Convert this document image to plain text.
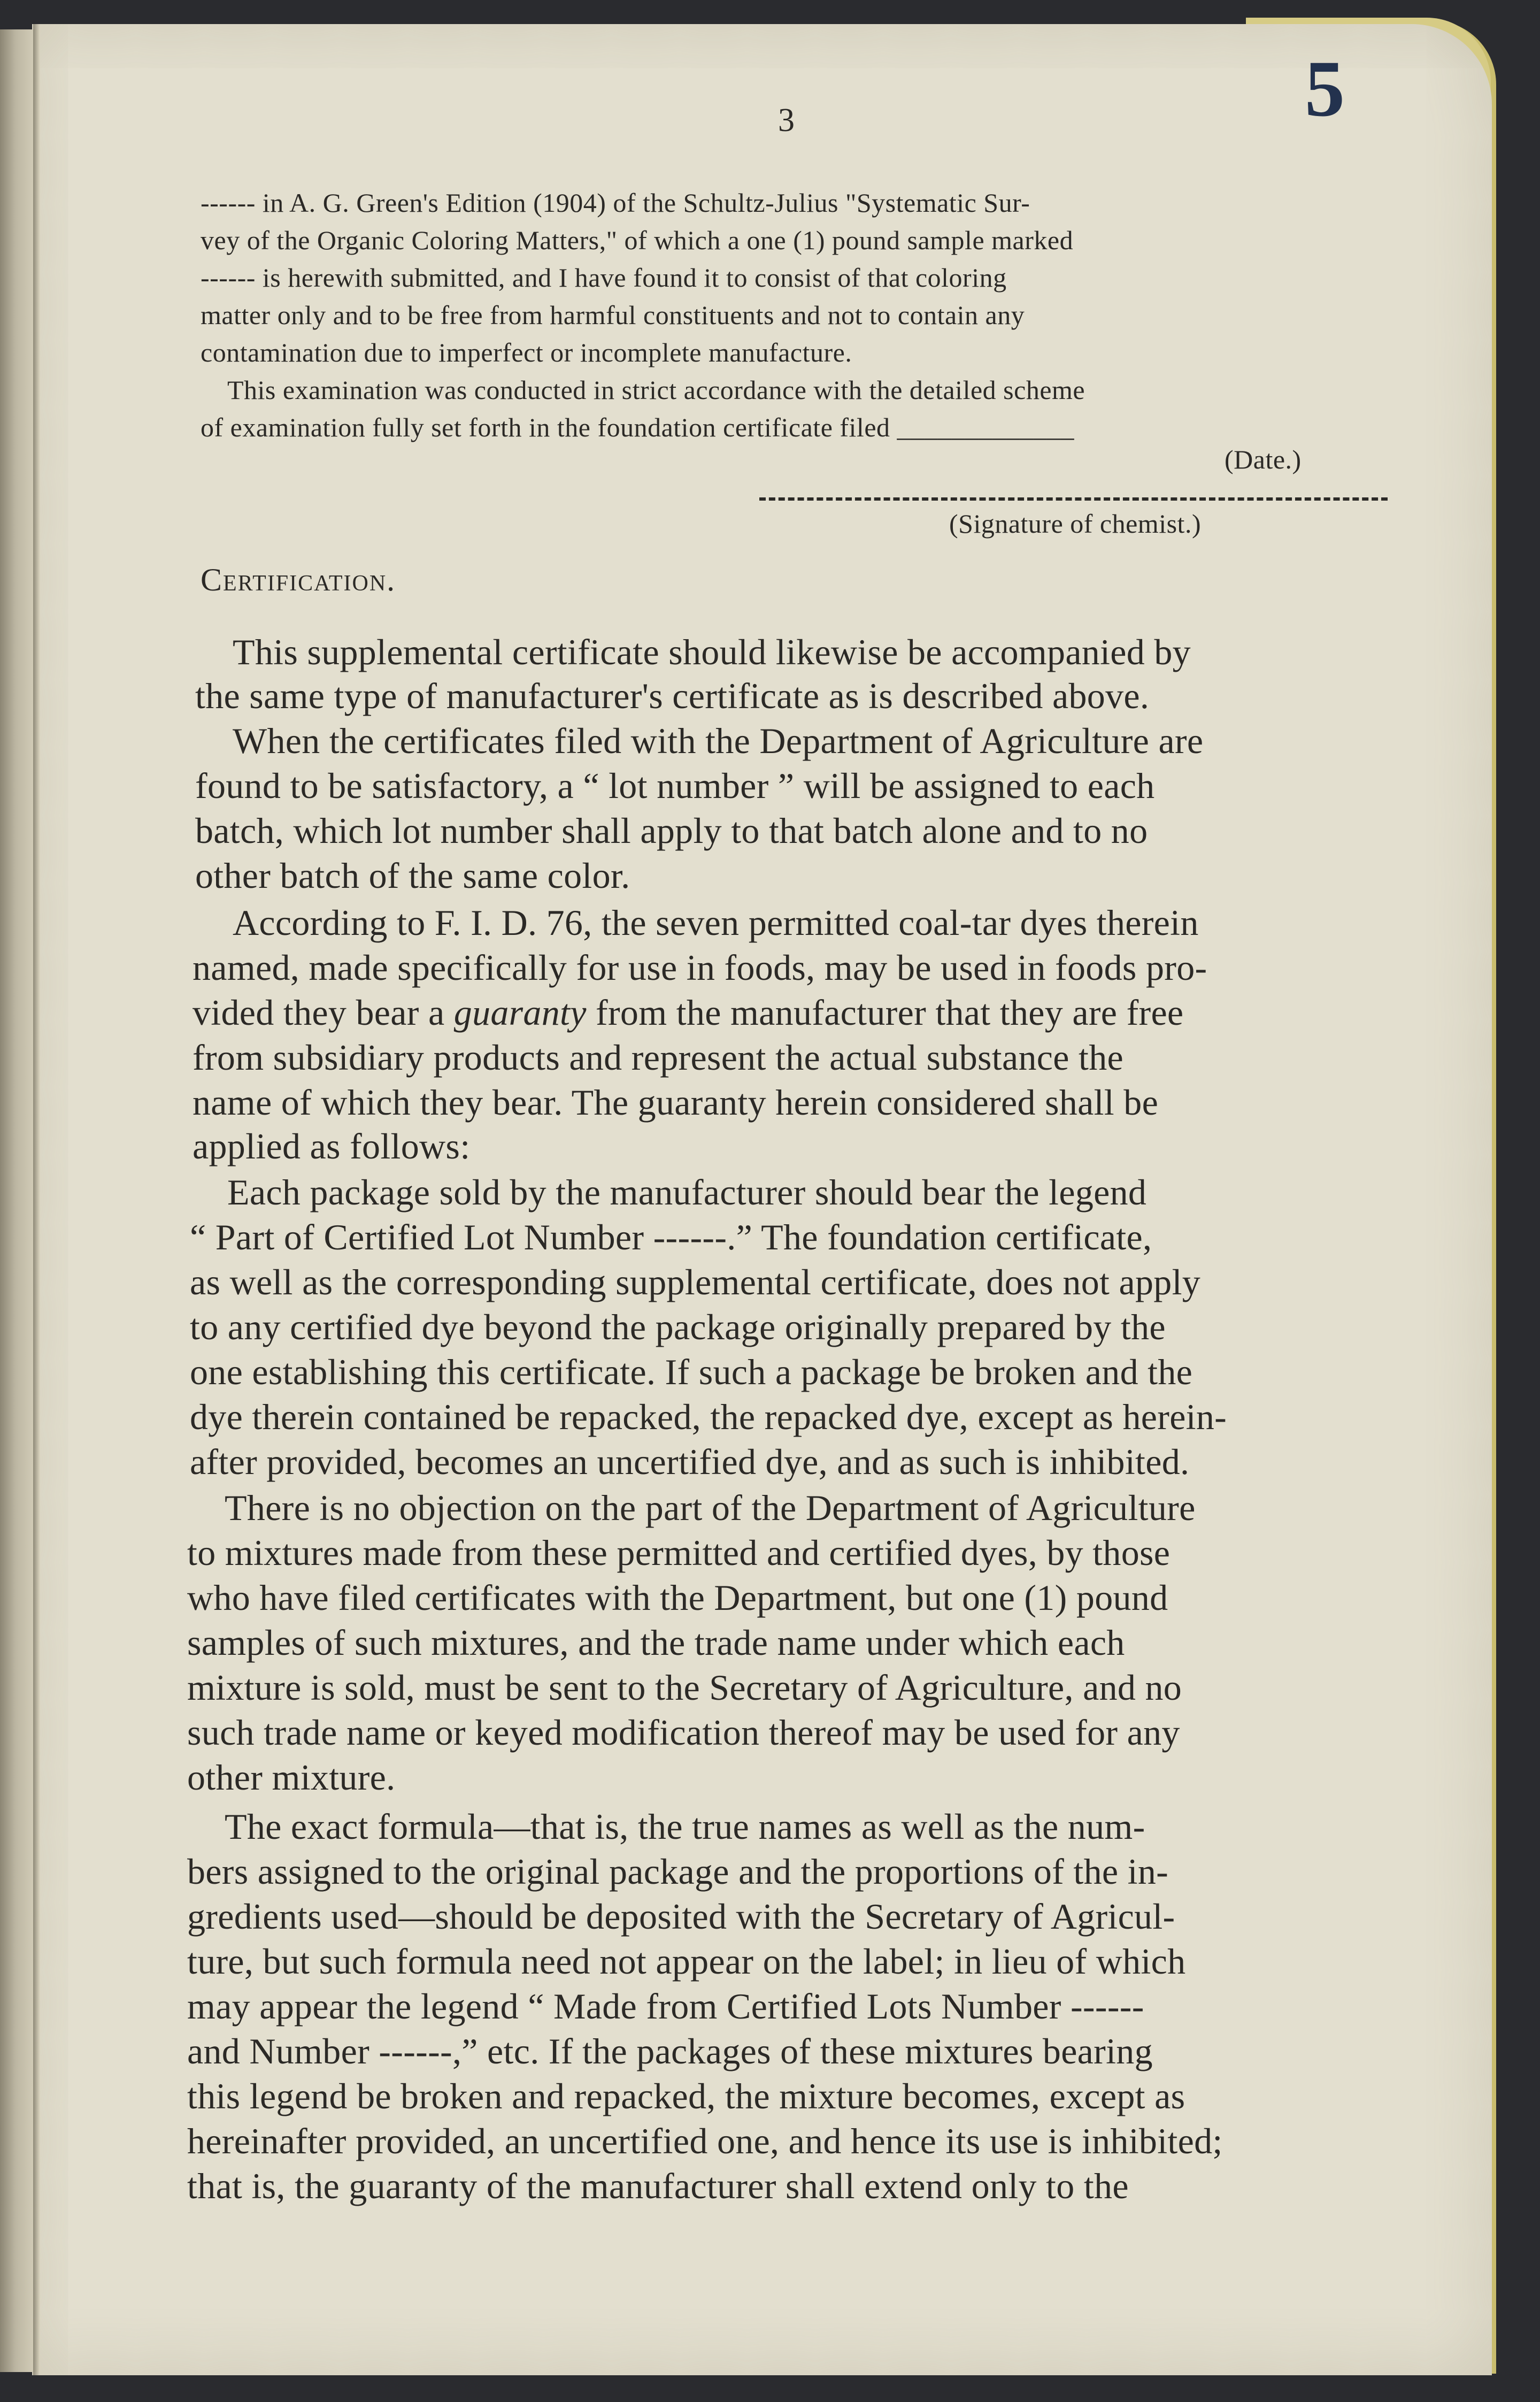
5
3
------ in A. G. Green's Edition (1904) of the Schultz-Julius "Systematic Sur-
vey of the Organic Coloring Matters," of which a one (1) pound sample marked
------ is herewith submitted, and I have found it to consist of that coloring
matter only and to be free from harmful constituents and not to contain any
contamination due to imperfect or incomplete manufacture.
This examination was conducted in strict accordance with the detailed scheme
of examination fully set forth in the foundation certificate filed _____________
(Date.)
(Signature of chemist.)
Certification.
This supplemental certificate should likewise be accompanied by
the same type of manufacturer's certificate as is described above.
When the certificates filed with the Department of Agriculture are
found to be satisfactory, a “ lot number ” will be assigned to each
batch, which lot number shall apply to that batch alone and to no
other batch of the same color.
According to F. I. D. 76, the seven permitted coal-tar dyes therein
named, made specifically for use in foods, may be used in foods pro-
vided they bear a guaranty from the manufacturer that they are free
from subsidiary products and represent the actual substance the
name of which they bear. The guaranty herein considered shall be
applied as follows:
Each package sold by the manufacturer should bear the legend
“ Part of Certified Lot Number ------.” The foundation certificate,
as well as the corresponding supplemental certificate, does not apply
to any certified dye beyond the package originally prepared by the
one establishing this certificate. If such a package be broken and the
dye therein contained be repacked, the repacked dye, except as herein-
after provided, becomes an uncertified dye, and as such is inhibited.
There is no objection on the part of the Department of Agriculture
to mixtures made from these permitted and certified dyes, by those
who have filed certificates with the Department, but one (1) pound
samples of such mixtures, and the trade name under which each
mixture is sold, must be sent to the Secretary of Agriculture, and no
such trade name or keyed modification thereof may be used for any
other mixture.
The exact formula—that is, the true names as well as the num-
bers assigned to the original package and the proportions of the in-
gredients used—should be deposited with the Secretary of Agricul-
ture, but such formula need not appear on the label; in lieu of which
may appear the legend “ Made from Certified Lots Number ------
and Number ------,” etc. If the packages of these mixtures bearing
this legend be broken and repacked, the mixture becomes, except as
hereinafter provided, an uncertified one, and hence its use is inhibited;
that is, the guaranty of the manufacturer shall extend only to the
